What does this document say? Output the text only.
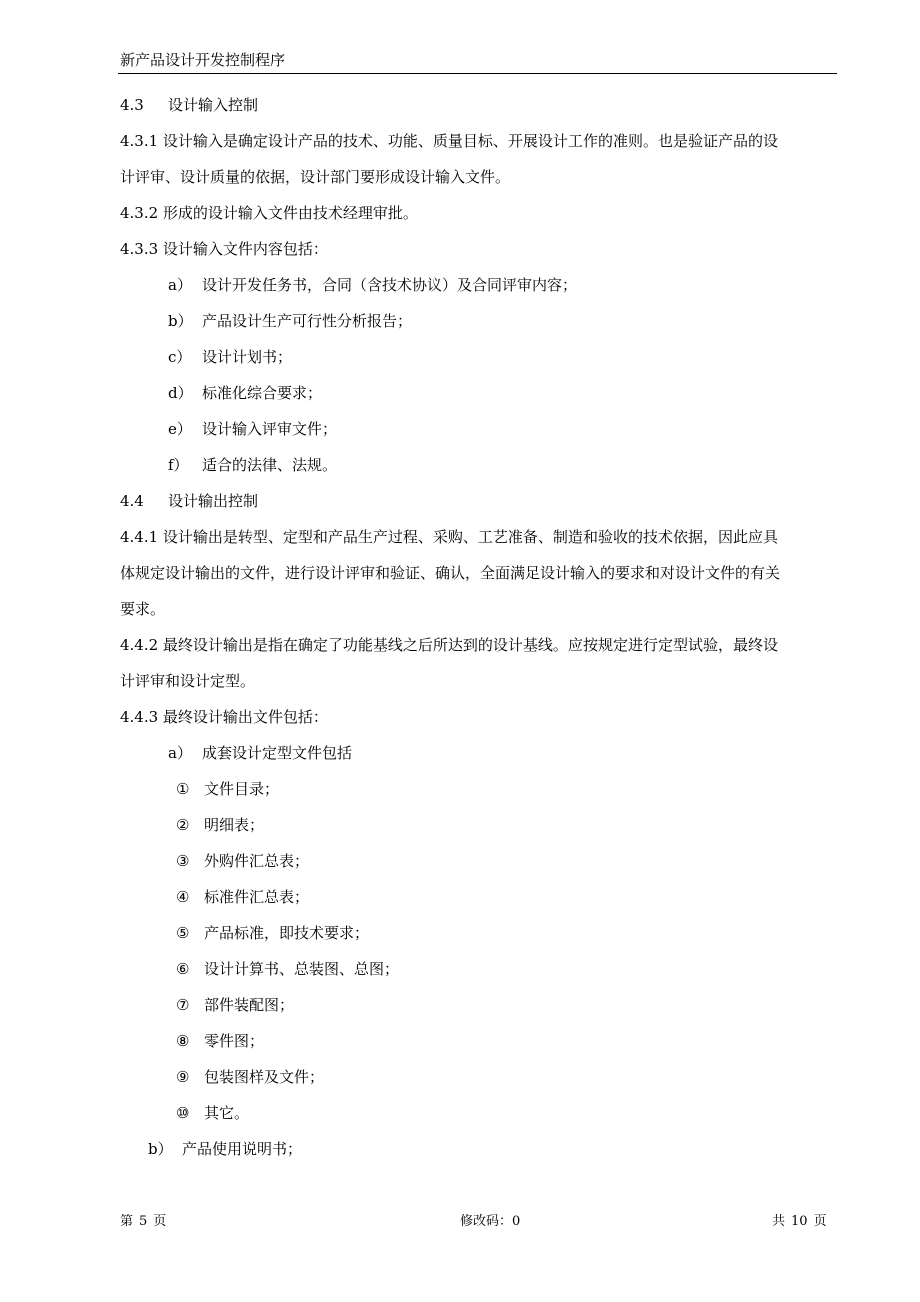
新产品设计开发控制程序
4.3 设计输入控制
4.3.1 设计输入是确定设计产品的技术、功能、质量目标、开展设计工作的准则。也是验证产品的设
计评审、设计质量的依据，设计部门要形成设计输入文件。
4.3.2 形成的设计输入文件由技术经理审批。
4.3.3 设计输入文件内容包括：
a） 设计开发任务书，合同（含技术协议）及合同评审内容；
b） 产品设计生产可行性分析报告；
c） 设计计划书；
d） 标准化综合要求；
e） 设计输入评审文件；
f） 适合的法律、法规。
4.4 设计输出控制
4.4.1 设计输出是转型、定型和产品生产过程、采购、工艺准备、制造和验收的技术依据，因此应具
体规定设计输出的文件，进行设计评审和验证、确认，全面满足设计输入的要求和对设计文件的有关
要求。
4.4.2 最终设计输出是指在确定了功能基线之后所达到的设计基线。应按规定进行定型试验，最终设
计评审和设计定型。
4.4.3 最终设计输出文件包括：
a） 成套设计定型文件包括
① 文件目录；
② 明细表；
③ 外购件汇总表；
④ 标准件汇总表；
⑤ 产品标准，即技术要求；
⑥ 设计计算书、总装图、总图；
⑦ 部件装配图；
⑧ 零件图；
⑨ 包装图样及文件；
⑩ 其它。
b） 产品使用说明书；
第 5 页	修改码：0	共 10 页
